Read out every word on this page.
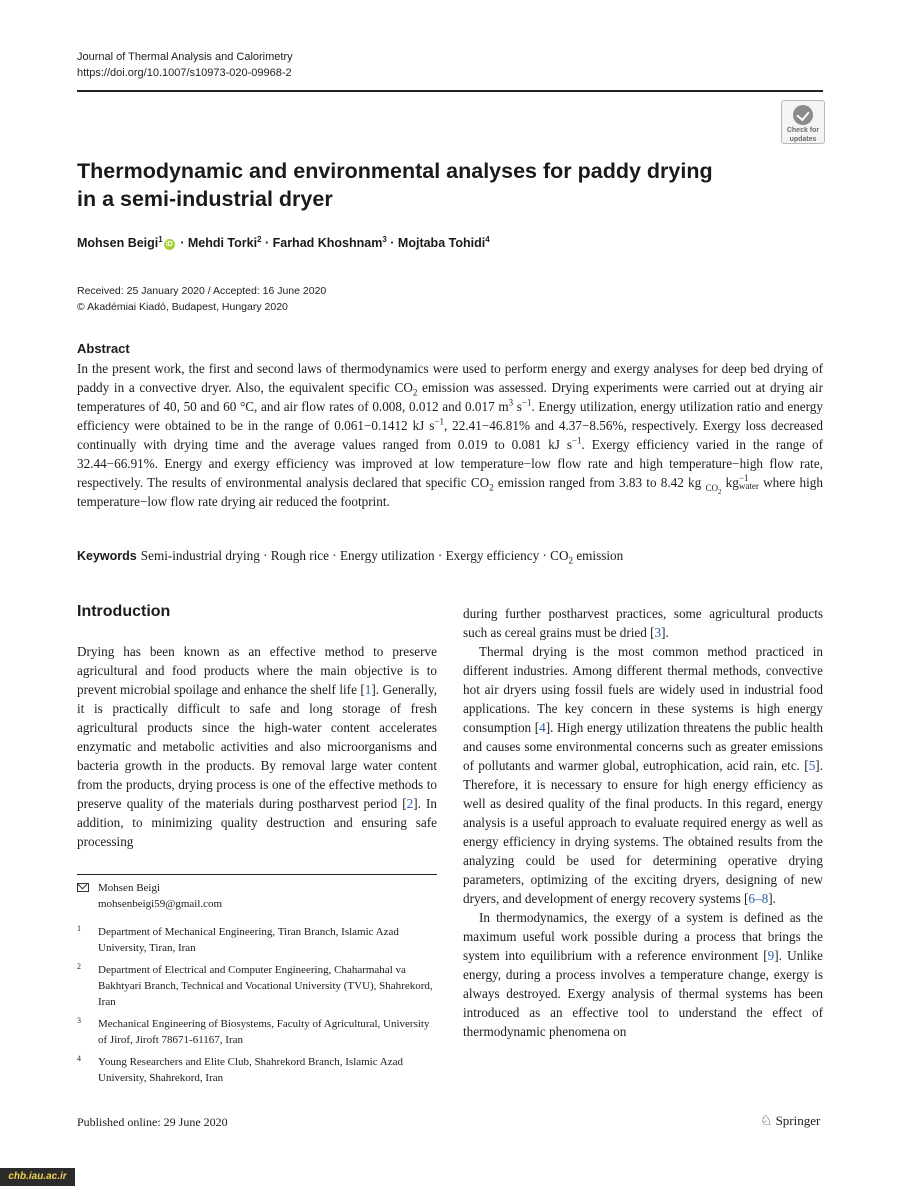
Journal of Thermal Analysis and Calorimetry
https://doi.org/10.1007/s10973-020-09968-2
Check for
updates
Thermodynamic and environmental analyses for paddy drying
in a semi-industrial dryer
Mohsen Beigi$^1$iD · Mehdi Torki$^2$ · Farhad Khoshnam$^3$ · Mojtaba Tohidi$^4$
Received: 25 January 2020 / Accepted: 16 June 2020
© Akadémiai Kiadó, Budapest, Hungary 2020
Abstract

In the present work, the first and second laws of thermodynamics were used to perform energy and exergy analyses for deep bed drying of paddy in a convective dryer. Also, the equivalent specific $CO_2$ emission was assessed. Drying experiments were carried out at drying air temperatures of 40, 50 and 60 °C, and air flow rates of 0.008, 0.012 and 0.017 $m^3$ $s^{-1}$. Energy utilization, energy utilization ratio and energy efficiency were obtained to be in the range of 0.061−0.1412 kJ $s^{-1}$, 22.41−46.81% and 4.37−8.56%, respectively. Exergy loss decreased continually with drying time and the average values ranged from 0.019 to 0.081 kJ $s^{-1}$. Exergy efficiency varied in the range of 32.44−66.91%. Energy and exergy efficiency was improved at low temperature−low flow rate and high temperature−high flow rate, respectively. The results of environmental analysis declared that specific $CO_2$ emission ranged from 3.83 to 8.42 kg $_{CO_2}$ kg −1
water where high temperature−low flow rate drying air reduced the footprint.

Keywords Semi-industrial drying · Rough rice · Energy utilization · Exergy efficiency · $CO_2$ emission
Introduction

Drying has been known as an effective method to preserve agricultural and food products where the main objective is to prevent microbial spoilage and enhance the shelf life [1]. Generally, it is practically difficult to safe and long storage of fresh agricultural products since the high-water content accelerates enzymatic and metabolic activities and also microorganisms and bacteria growth in the products. By removal large water content from the products, drying process is one of the effective methods to preserve quality of the materials during postharvest period [2]. In addition, to minimizing quality destruction and ensuring safe processing

Mohsen Beigi
mohsenbeigi59@gmail.com
1 Department of Mechanical Engineering, Tiran Branch, Islamic Azad University, Tiran, Iran
2 Department of Electrical and Computer Engineering, Chaharmahal va Bakhtyari Branch, Technical and Vocational University (TVU), Shahrekord, Iran
3 Mechanical Engineering of Biosystems, Faculty of Agricultural, University of Jirof, Jiroft 78671-61167, Iran
4 Young Researchers and Elite Club, Shahrekord Branch, Islamic Azad University, Shahrekord, Iran

during further postharvest practices, some agricultural products such as cereal grains must be dried [3].

Thermal drying is the most common method practiced in different industries. Among different thermal methods, convective hot air dryers using fossil fuels are widely used in industrial food applications. The key concern in these systems is high energy consumption [4]. High energy utilization threatens the public health and causes some environmental concerns such as greater emissions of pollutants and warmer global, eutrophication, acid rain, etc. [5]. Therefore, it is necessary to ensure for high energy efficiency as well as desired quality of the final products. In this regard, energy analysis is a useful approach to evaluate required energy as well as energy efficiency in drying systems. The obtained results from the analyzing could be used for determining operative drying parameters, optimizing of the exciting dryers, designing of new dryers, and development of energy recovery systems [6–8].

In thermodynamics, the exergy of a system is defined as the maximum useful work possible during a process that brings the system into equilibrium with a reference environment [9]. Unlike energy, during a process involves a temperature change, exergy is always destroyed. Exergy analysis of thermal systems has been introduced as an effective tool to understand the effect of thermodynamic phenomena on

Published online: 29 June 2020	♘ Springer
chb.iau.ac.ir
